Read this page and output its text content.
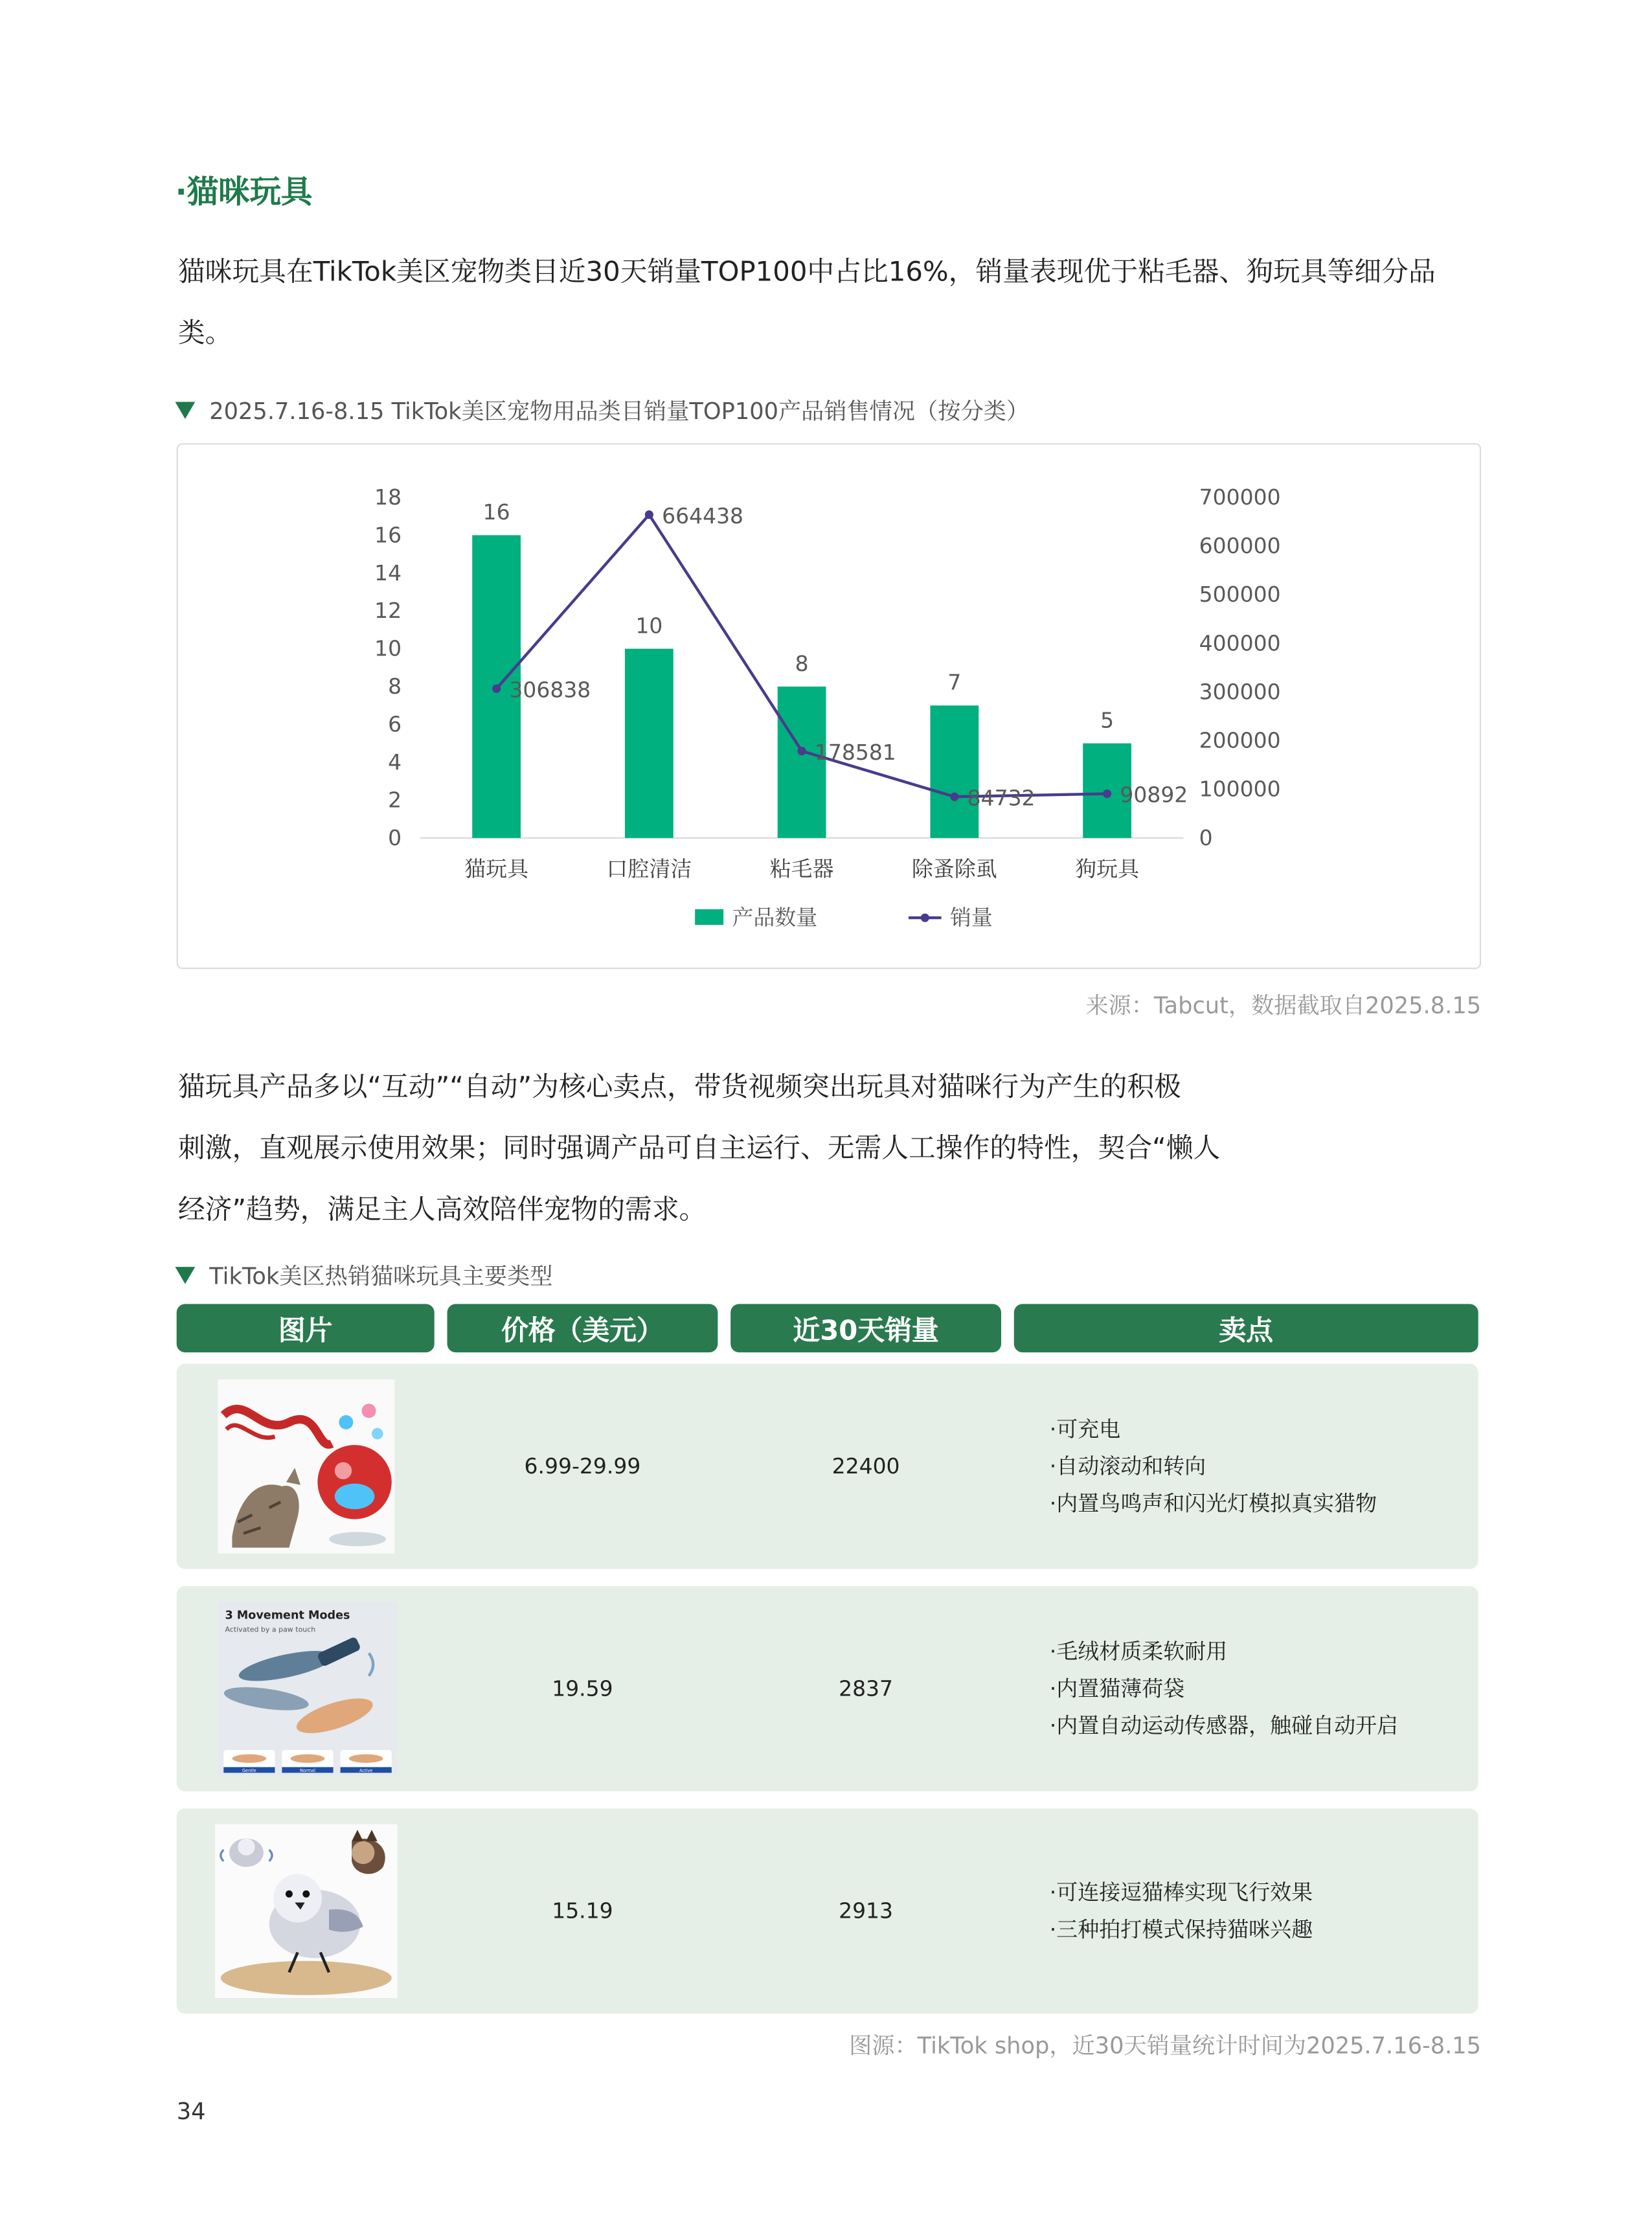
·猫咪玩具
猫咪玩具在TikTok美区宠物类目近30天销量TOP100中占比16%，销量表现优于粘毛器、狗玩具等细分品类。
2025.7.16-8.15 TikTok美区宠物用品类目销量TOP100产品销售情况（按分类）
0
2
4
6
8
10
12
14
16
18
0
100000
200000
300000
400000
500000
600000
700000
16
10
8
7
5
猫玩具	口腔清洁	粘毛器	除蚤除虱	狗玩具
306838
664438
178581
84732	90892
产品数量	销量
来源：Tabcut，数据截取自2025.8.15
猫玩具产品多以“互动”“自动”为核心卖点，带货视频突出玩具对猫咪行为产生的积极
刺激，直观展示使用效果；同时强调产品可自主运行、无需人工操作的特性，契合“懒人
经济”趋势，满足主人高效陪伴宠物的需求。
TikTok美区热销猫咪玩具主要类型
图片	价格（美元）	近30天销量	卖点
6.99-29.99	22400
·可充电
·自动滚动和转向
·内置鸟鸣声和闪光灯模拟真实猎物
3 Movement Modes
Activated by a paw touch
Gentle	Normal	Active
19.59	2837
·毛绒材质柔软耐用
·内置猫薄荷袋
·内置自动运动传感器，触碰自动开启
15.19	2913
·可连接逗猫棒实现飞行效果
·三种拍打模式保持猫咪兴趣
图源：TikTok shop，近30天销量统计时间为2025.7.16-8.15
34
